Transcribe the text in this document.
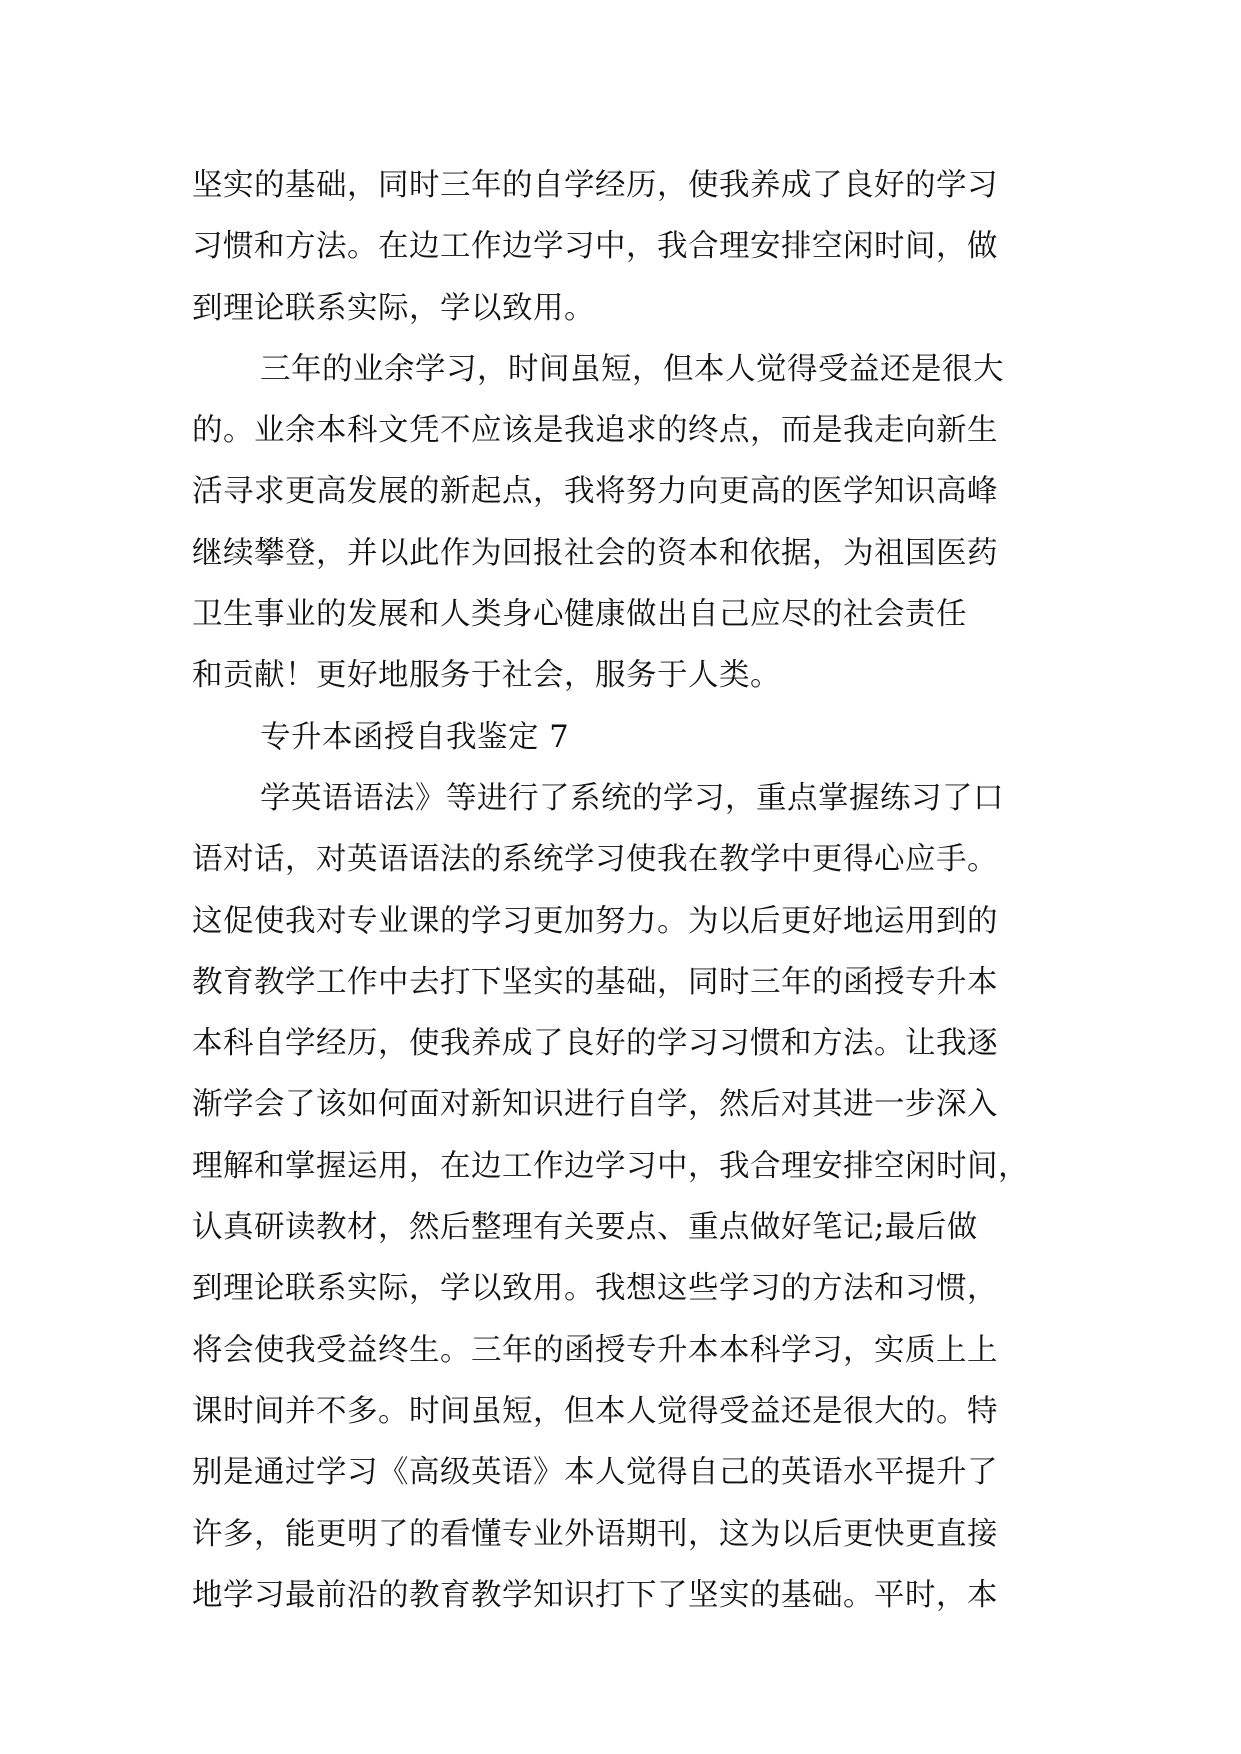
坚实的基础，同时三年的自学经历，使我养成了良好的学习
习惯和方法。在边工作边学习中，我合理安排空闲时间，做
到理论联系实际，学以致用。
三年的业余学习，时间虽短，但本人觉得受益还是很大
的。业余本科文凭不应该是我追求的终点，而是我走向新生
活寻求更高发展的新起点，我将努力向更高的医学知识高峰
继续攀登，并以此作为回报社会的资本和依据，为祖国医药
卫生事业的发展和人类身心健康做出自己应尽的社会责任
和贡献！更好地服务于社会，服务于人类。
专升本函授自我鉴定 7
学英语语法》等进行了系统的学习，重点掌握练习了口
语对话，对英语语法的系统学习使我在教学中更得心应手。
这促使我对专业课的学习更加努力。为以后更好地运用到的
教育教学工作中去打下坚实的基础，同时三年的函授专升本
本科自学经历，使我养成了良好的学习习惯和方法。让我逐
渐学会了该如何面对新知识进行自学，然后对其进一步深入
理解和掌握运用，在边工作边学习中，我合理安排空闲时间，
认真研读教材，然后整理有关要点、重点做好笔记;最后做
到理论联系实际，学以致用。我想这些学习的方法和习惯，
将会使我受益终生。三年的函授专升本本科学习，实质上上
课时间并不多。时间虽短，但本人觉得受益还是很大的。特
别是通过学习《高级英语》本人觉得自己的英语水平提升了
许多，能更明了的看懂专业外语期刊，这为以后更快更直接
地学习最前沿的教育教学知识打下了坚实的基础。平时，本
